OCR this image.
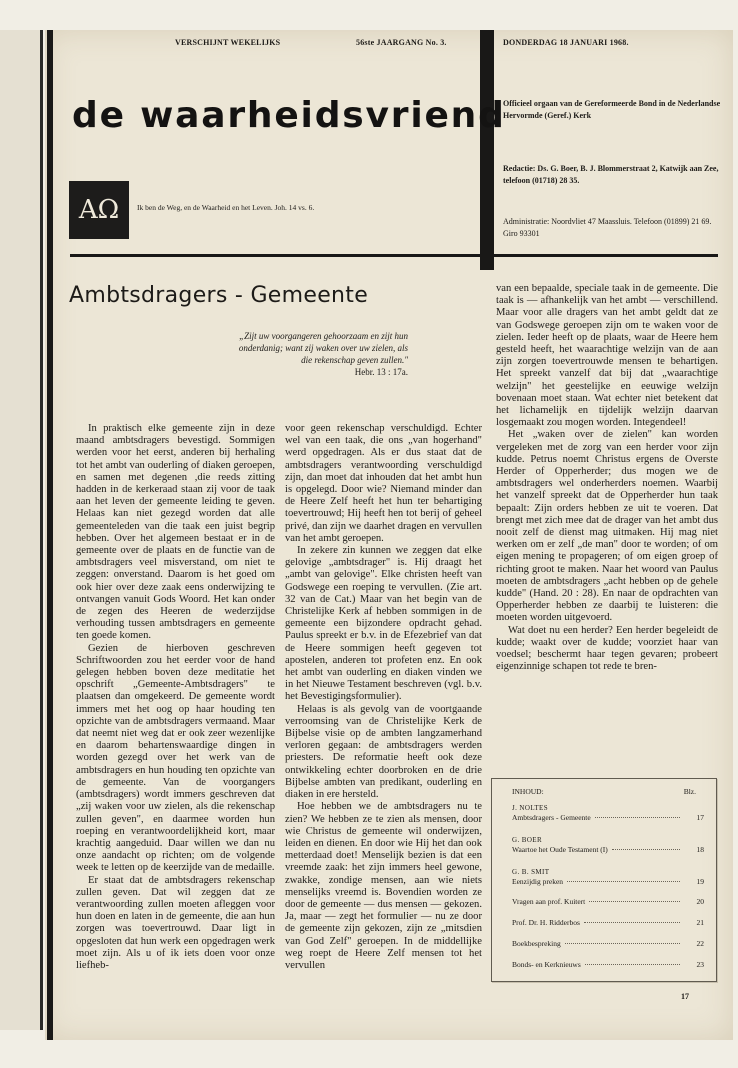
VERSCHIJNT WEKELIJKS	56ste JAARGANG No. 3.	DONDERDAG 18 JANUARI 1968.
de waarheidsvriend
AΩ	Ik ben de Weg, en de Waarheid en het Leven. Joh. 14 vs. 6.
Officieel orgaan van de Gereformeerde Bond in de Nederlandse Hervormde (Geref.) Kerk
Redactie: Ds. G. Boer, B. J. Blommerstraat 2, Katwijk aan Zee, telefoon (01718) 28 35.
Administratie: Noordvliet 47 Maassluis. Telefoon (01899) 21 69. Giro 93301
Ambtsdragers - Gemeente
„Zijt uw voorgangeren gehoorzaam en zijt hun onderdanig; want zij waken over uw zielen, als die rekenschap geven zullen."
Hebr. 13 : 17a.

In praktisch elke gemeente zijn in deze maand ambtsdragers bevestigd. Sommigen werden voor het eerst, anderen bij herhaling tot het ambt van ouderling of diaken geroepen, en samen met degenen ,die reeds zitting hadden in de kerkeraad staan zij voor de taak aan het leven der gemeente leiding te geven. Helaas kan niet gezegd worden dat alle gemeenteleden van die taak een juist begrip hebben. Over het algemeen bestaat er in de gemeente over de plaats en de functie van de ambtsdragers veel misverstand, om niet te zeggen: onverstand. Daarom is het goed om ook hier over deze zaak eens onderwijzing te ontvangen vanuit Gods Woord. Het kan onder de zegen des Heeren de wederzijdse verhouding tussen ambtsdragers en gemeente ten goede komen.

Gezien de hierboven geschreven Schriftwoorden zou het eerder voor de hand gelegen hebben boven deze meditatie het opschrift „Gemeente-Ambtsdragers" te plaatsen dan omgekeerd. De gemeente wordt immers met het oog op haar houding ten opzichte van de ambtsdragers vermaand. Maar dat neemt niet weg dat er ook zeer wezenlijke en daarom behartenswaardige dingen in worden gezegd over het werk van de ambtsdragers en hun houding ten opzichte van de gemeente. Van de voorgangers (ambtsdragers) wordt immers geschreven dat „zij waken voor uw zielen, als die rekenschap zullen geven", en daarmee worden hun roeping en verantwoordelijkheid kort, maar krachtig aangeduid. Daar willen we dan nu onze aandacht op richten; om de volgende week te letten op de keerzijde van de medaille.

Er staat dat de ambtsdragers rekenschap zullen geven. Dat wil zeggen dat ze verantwoording zullen moeten afleggen voor hun doen en laten in de gemeente, die aan hun zorgen was toevertrouwd. Daar ligt in opgesloten dat hun werk een opgedragen werk moet zijn. Als u of ik iets doen voor onze liefheb-

voor geen rekenschap verschuldigd. Echter wel van een taak, die ons „van hogerhand" werd opgedragen. Als er dus staat dat de ambtsdragers verantwoording verschuldigd zijn, dan moet dat inhouden dat het ambt hun is opgelegd. Door wie? Niemand minder dan de Heere Zelf heeft het hun ter behartiging toevertrouwd; Hij heeft hen tot berij of geheel privé, dan zijn we daarhet dragen en vervullen van het ambt geroepen.

In zekere zin kunnen we zeggen dat elke gelovige „ambtsdrager" is. Hij draagt het „ambt van gelovige". Elke christen heeft van Godswege een roeping te vervullen. (Zie art. 32 van de Cat.) Maar van het begin van de Christelijke Kerk af hebben sommigen in de gemeente een bijzondere opdracht gehad. Paulus spreekt er b.v. in de Efezebrief van dat de Heere sommigen heeft gegeven tot apostelen, anderen tot profeten enz. En ook het ambt van ouderling en diaken vinden we in het Nieuwe Testament beschreven (vgl. b.v. het Bevestigingsformulier).

Helaas is als gevolg van de voortgaande verroomsing van de Christelijke Kerk de Bijbelse visie op de ambten langzamerhand verloren gegaan: de ambtsdragers werden priesters. De reformatie heeft ook deze ontwikkeling echter doorbroken en de drie Bijbelse ambten van predikant, ouderling en diaken in ere hersteld.

Hoe hebben we de ambtsdragers nu te zien? We hebben ze te zien als mensen, door wie Christus de gemeente wil onderwijzen, leiden en dienen. En door wie Hij het dan ook metterdaad doet! Menselijk bezien is dat een vreemde zaak: het zijn immers heel gewone, zwakke, zondige mensen, aan wie niets menselijks vreemd is. Bovendien worden ze door de gemeente — dus mensen — gekozen. Ja, maar — zegt het formulier — nu ze door de gemeente zijn gekozen, zijn ze „mitsdien van God Zelf" geroepen. In de middellijke weg roept de Heere Zelf mensen tot het vervullen

van een bepaalde, speciale taak in de gemeente. Die taak is — afhankelijk van het ambt — verschillend. Maar voor alle dragers van het ambt geldt dat ze van Godswege geroepen zijn om te waken voor de zielen. Ieder heeft op de plaats, waar de Heere hem gesteld heeft, het waarachtige welzijn van de aan zijn zorgen toevertrouwde mensen te behartigen. Het spreekt vanzelf dat bij dat „waarachtige welzijn" het geestelijke en eeuwige welzijn bovenaan moet staan. Wat echter niet betekent dat het lichamelijk en tijdelijk welzijn daarvan losgemaakt zou mogen worden. Integendeel!

Het „waken over de zielen" kan worden vergeleken met de zorg van een herder voor zijn kudde. Petrus noemt Christus ergens de Overste Herder of Opperherder; dus mogen we de ambtsdragers wel onderherders noemen. Waarbij het vanzelf spreekt dat de Opperherder hun taak bepaalt: Zijn orders hebben ze uit te voeren. Dat brengt met zich mee dat de drager van het ambt dus nooit zelf de dienst mag uitmaken. Hij mag niet werken om er zelf „de man" door te worden; of om eigen mening te propageren; of om eigen groep of richting groot te maken. Naar het woord van Paulus moeten de ambtsdragers „acht hebben op de gehele kudde" (Hand. 20 : 28). En naar de opdrachten van Opperherder hebben ze daarbij te luisteren: die moeten worden uitgevoerd.

Wat doet nu een herder? Een herder begeleidt de kudde; waakt over de kudde; voorziet haar van voedsel; beschermt haar tegen gevaren; probeert eigenzinnige schapen tot rede te bren-

INHOUD:	Blz.
J. NOLTES
Ambtsdragers - Gemeente	17
G. BOER
Waartoe het Oude Testament (I)	18
G. B. SMIT
Eenzijdig preken	19
Vragen aan prof. Kuitert	20
Prof. Dr. H. Ridderbos	21
Boekbespreking	22
Bonds- en Kerknieuws	23
17
